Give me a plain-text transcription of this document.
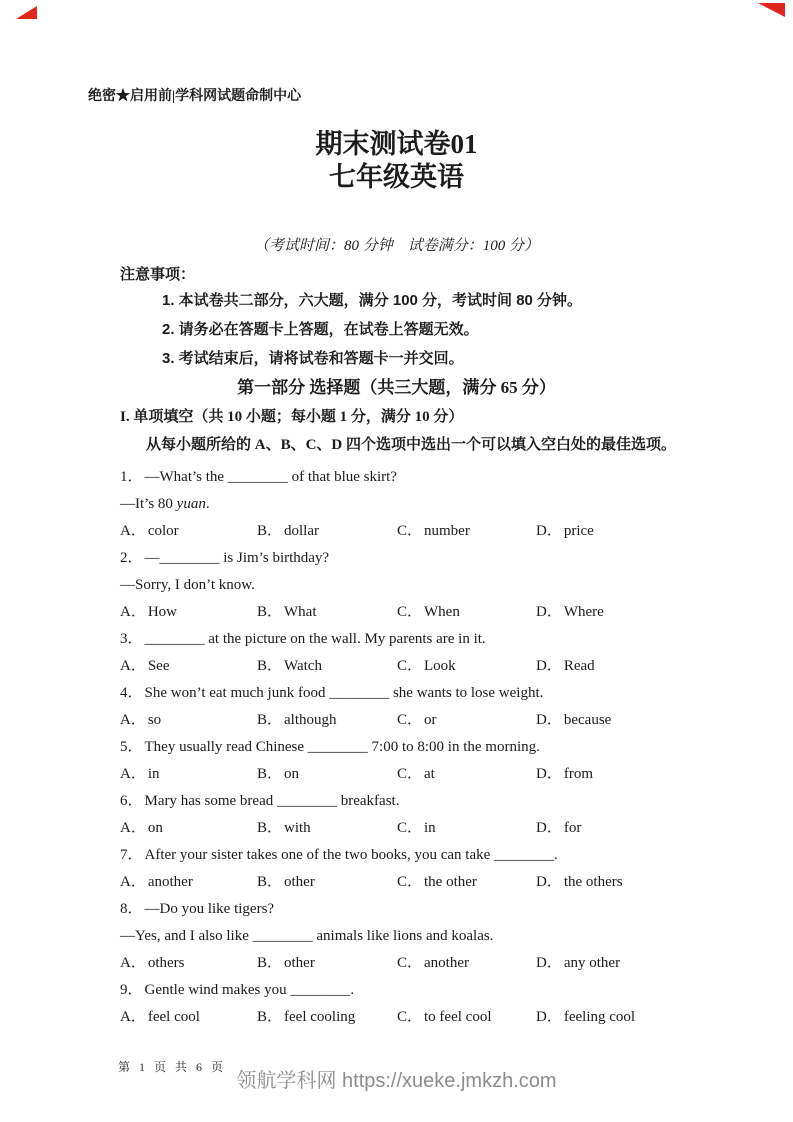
绝密★启用前|学科网试题命制中心
期末测试卷01
七年级英语
（考试时间：80 分钟　试卷满分：100 分）
注意事项：
1. 本试卷共二部分，六大题，满分 100 分，考试时间 80 分钟。
2. 请务必在答题卡上答题，在试卷上答题无效。
3. 考试结束后，请将试卷和答题卡一并交回。
第一部分 选择题（共三大题，满分 65 分）
I. 单项填空（共 10 小题；每小题 1 分，满分 10 分）
从每小题所给的 A、B、C、D 四个选项中选出一个可以填入空白处的最佳选项。
1． —What’s the ________ of that blue skirt?
—It’s 80 yuan.
A． color	B． dollar	C． number	D． price
2． —________ is Jim’s birthday?
—Sorry, I don’t know.
A． How	B． What	C． When	D． Where
3． ________ at the picture on the wall. My parents are in it.
A． See	B． Watch	C． Look	D． Read
4． She won’t eat much junk food ________ she wants to lose weight.
A． so	B． although	C． or	D． because
5． They usually read Chinese ________ 7:00 to 8:00 in the morning.
A． in	B． on	C． at	D． from
6． Mary has some bread ________ breakfast.
A． on	B． with	C． in	D． for
7． After your sister takes one of the two books, you can take ________.
A． another	B． other	C． the other	D． the others
8． —Do you like tigers?
—Yes, and I also like ________ animals like lions and koalas.
A． others	B． other	C． another	D． any other
9． Gentle wind makes you ________.
A． feel cool	B． feel cooling	C． to feel cool	D． feeling cool
第 1 页 共 6 页
领航学科网 https://xueke.jmkzh.com
